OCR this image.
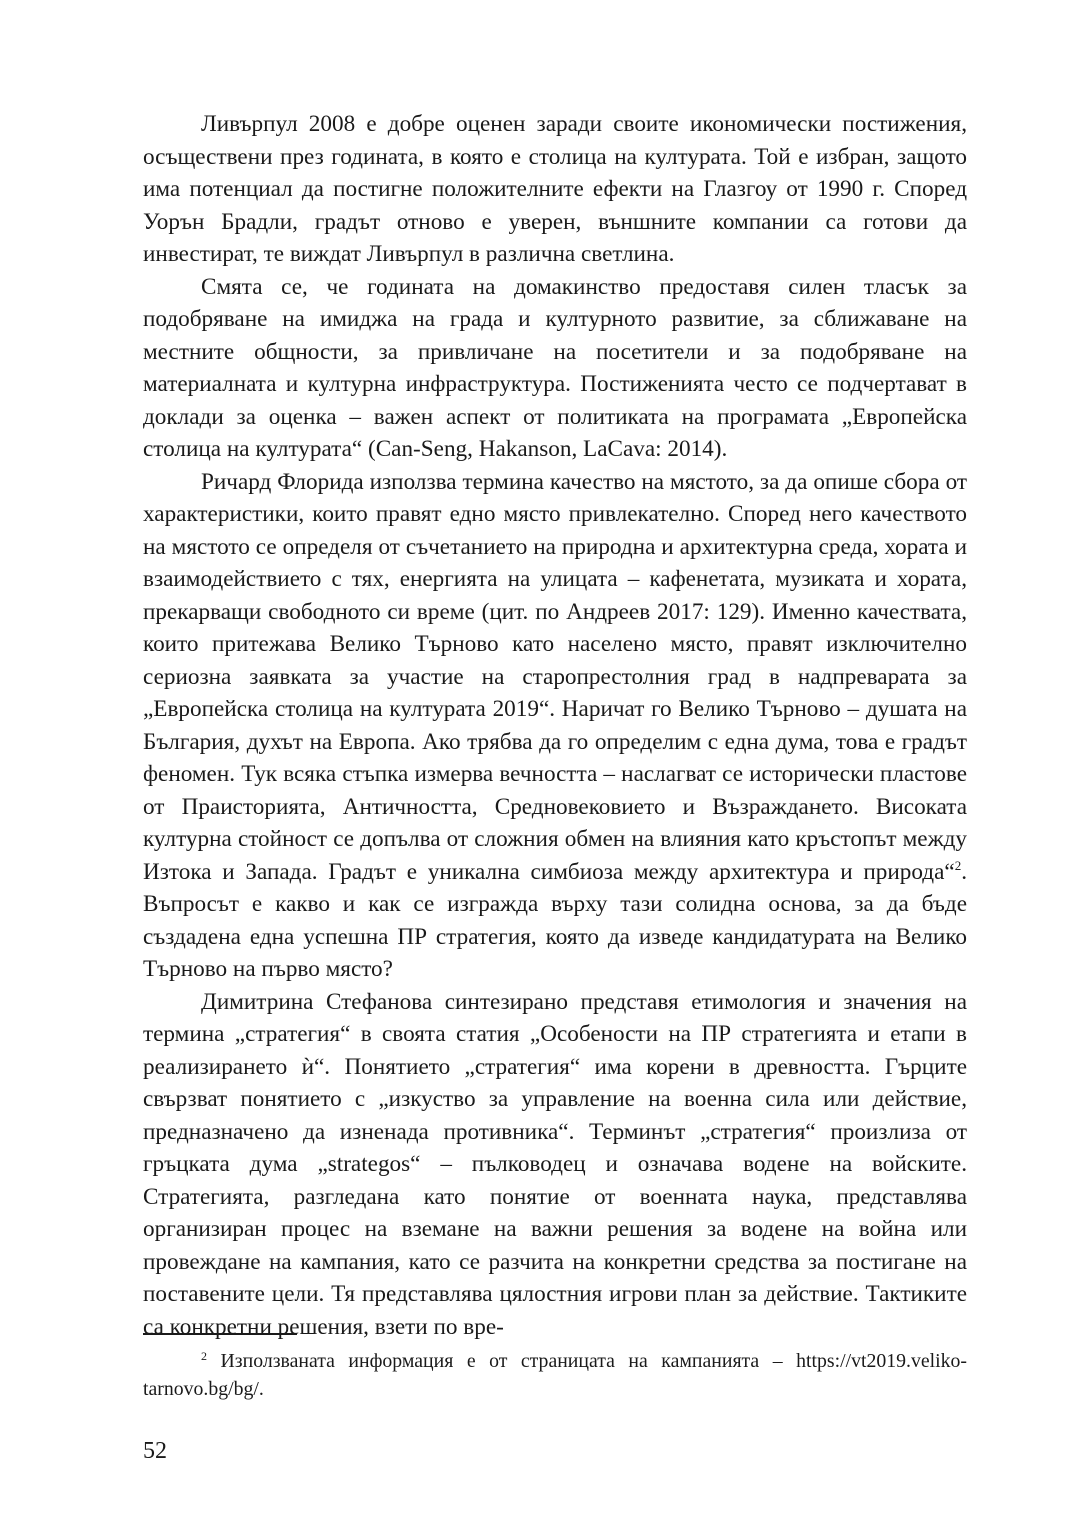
Ливърпул 2008 е добре оценен заради своите икономически постижения, осъществени през годината, в която е столица на културата. Той е избран, защото има потенциал да постигне положителните ефекти на Глазгоу от 1990 г. Според Уорън Брадли, градът отново е уверен, външните компании са готови да инвестират, те виждат Ливърпул в различна светлина.

Смята се, че годината на домакинство предоставя силен тласък за подобряване на имиджа на града и културното развитие, за сближаване на местните общности, за привличане на посетители и за подобряване на материалната и културна инфраструктура. Постиженията често се подчертават в доклади за оценка – важен аспект от политиката на програмата „Европейска столица на културата“ (Can-Seng, Hakanson, LaCava: 2014).

Ричард Флорида използва термина качество на мястото, за да опише сбора от характеристики, които правят едно място привлекателно. Според него качеството на мястото се определя от съчетанието на природна и архитектурна среда, хората и взаимодействието с тях, енергията на улицата – кафенетата, музиката и хората, прекарващи свободното си време (цит. по Андреев 2017: 129). Именно качествата, които притежава Велико Търново като населено място, правят изключително сериозна заявката за участие на старопрестолния град в надпреварата за „Европейска столица на културата 2019“. Наричат го Велико Търново – душата на България, духът на Европа. Ако трябва да го определим с една дума, това е градът феномен. Тук всяка стъпка измерва вечността – наслагват се исторически пластове от Праисторията, Античността, Средновековието и Възраждането. Високата културна стойност се допълва от сложния обмен на влияния като кръстопът между Изтока и Запада. Градът е уникална симбиоза между архитектура и природа“$^2$. Въпросът е какво и как се изгражда върху тази солидна основа, за да бъде създадена една успешна ПР стратегия, която да изведе кандидатурата на Велико Търново на първо място?

Димитрина Стефанова синтезирано представя етимология и значения на термина „стратегия“ в своята статия „Особености на ПР стратегията и етапи в реализирането ѝ“. Понятието „стратегия“ има корени в древността. Гърците свързват понятието с „изкуство за управление на военна сила или действие, предназначено да изненада противника“. Терминът „стратегия“ произлиза от гръцката дума „strategos“ – пълководец и означава водене на войските. Стратегията, разгледана като понятие от военната наука, представлява организиран процес на вземане на важни решения за водене на война или провеждане на кампания, като се разчита на конкретни средства за постигане на поставените цели. Тя представлява цялостния игрови план за действие. Тактиките са конкретни решения, взети по вре-

$^2$ Използваната информация е от страницата на кампанията – https://vt2019.veliko-tarnovo.bg/bg/.

52
